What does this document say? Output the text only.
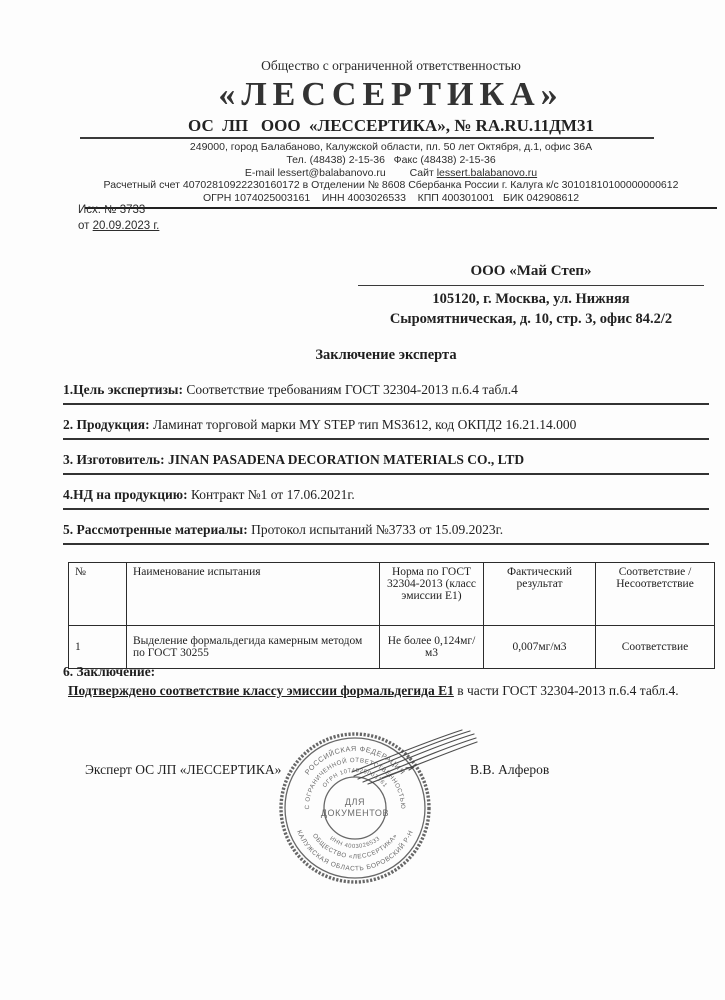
Общество с ограниченной ответственностью
«ЛЕССЕРТИКА»
ОС  ЛП   ООО  «ЛЕССЕРТИКА», № RA.RU.11ДМ31
249000, город Балабаново, Калужской области, пл. 50 лет Октября, д.1, офис 36А
Тел. (48438) 2-15-36   Факс (48438) 2-15-36
E-mail lessert@balabanovo.ru Сайт lessert.balabanovo.ru
Расчетный счет 40702810922230160172 в Отделении № 8608 Сбербанка России г. Калуга к/с 30101810100000000612
ОГРН 1074025003161    ИНН 4003026533    КПП 400301001   БИК 042908612
Исх. № 3733
от 20.09.2023 г.
ООО «Май Степ»
105120, г. Москва, ул. Нижняя
Сыромятническая, д. 10, стр. 3, офис 84.2/2
Заключение эксперта
1.Цель экспертизы: Соответствие требованиям ГОСТ 32304-2013 п.6.4 табл.4
2. Продукция: Ламинат торговой марки MY STEP тип MS3612, код ОКПД2 16.21.14.000
3. Изготовитель: JINAN PASADENA DECORATION MATERIALS CO., LTD
4.НД на продукцию: Контракт №1 от 17.06.2021г.
5. Рассмотренные материалы: Протокол испытаний №3733 от 15.09.2023г.
№	Наименование испытания	Норма по ГОСТ 32304-2013 (класс эмиссии Е1)	Фактический результат	Соответствие / Несоответствие
1	Выделение формальдегида камерным методом по ГОСТ 30255	Не более 0,124мг/м3	0,007мг/м3	Соответствие
6. Заключение:
Подтверждено соответствие классу эмиссии формальдегида Е1 в части ГОСТ 32304-2013 п.6.4 табл.4.
Эксперт ОС ЛП «ЛЕССЕРТИКА»	В.В. Алферов
РОССИЙСКАЯ ФЕДЕРАЦИЯ
КАЛУЖСКАЯ ОБЛАСТЬ БОРОВСКИЙ Р-Н
С ОГРАНИЧЕННОЙ ОТВЕТСТВЕННОСТЬЮ
ОБЩЕСТВО «ЛЕССЕРТИКА»
ОГРН 1074025003161
ИНН 4003026533
ДЛЯ
ДОКУМЕНТОВ
